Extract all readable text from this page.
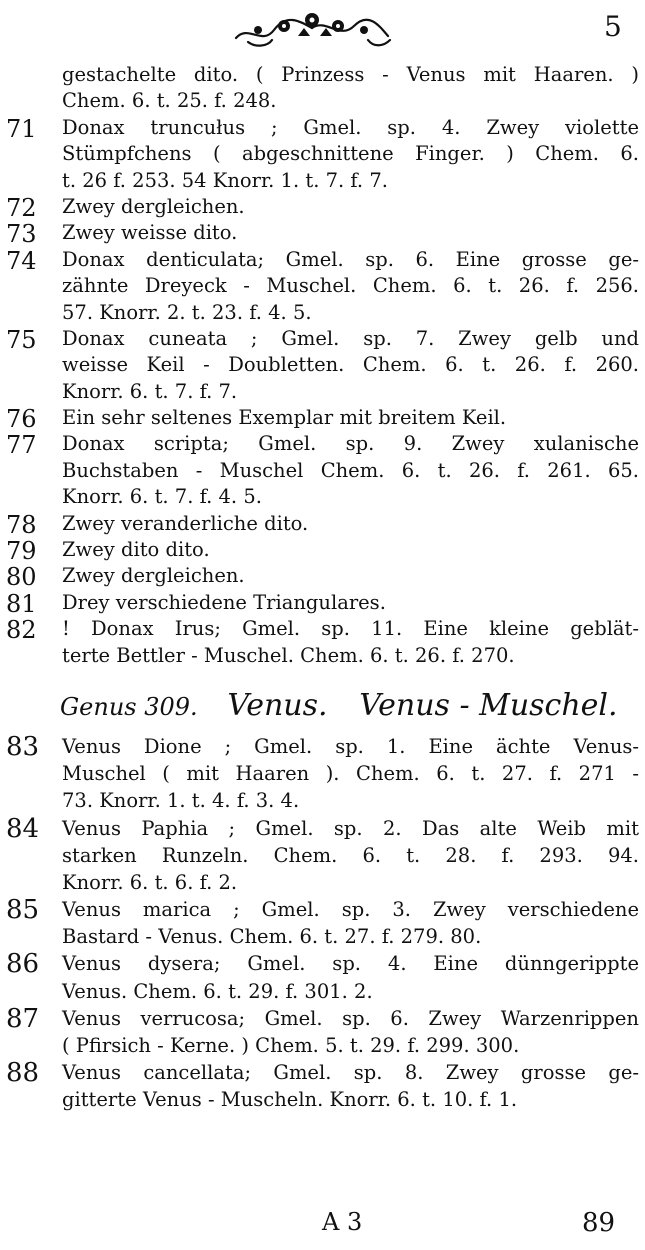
5
gestachelte dito. ( Prinzess - Venus mit Haaren. )
Chem. 6. t. 25. f. 248.
71	Donax truncułus ; Gmel. sp. 4. Zwey violette
Stümpfchens ( abgeschnittene Finger. ) Chem. 6.
t. 26 f. 253. 54 Knorr. 1. t. 7. f. 7.
72	Zwey dergleichen.
73	Zwey weisse dito.
74	Donax denticulata; Gmel. sp. 6. Eine grosse ge-
zähnte Dreyeck - Muschel. Chem. 6. t. 26. f. 256.
57. Knorr. 2. t. 23. f. 4. 5.
75	Donax cuneata ; Gmel. sp. 7. Zwey gelb und
weisse Keil - Doubletten. Chem. 6. t. 26. f. 260.
Knorr. 6. t. 7. f. 7.
76	Ein sehr seltenes Exemplar mit breitem Keil.
77	Donax scripta; Gmel. sp. 9. Zwey xulanische
Buchstaben - Muschel Chem. 6. t. 26. f. 261. 65.
Knorr. 6. t. 7. f. 4. 5.
78	Zwey veranderliche dito.
79	Zwey dito dito.
80	Zwey dergleichen.
81	Drey verschiedene Triangulares.
82	! Donax Irus; Gmel. sp. 11. Eine kleine geblät-
terte Bettler - Muschel. Chem. 6. t. 26. f. 270.
Genus 309. Venus. Venus - Muschel.
83	Venus Dione ; Gmel. sp. 1. Eine ächte Venus-
Muschel ( mit Haaren ). Chem. 6. t. 27. f. 271 -
73. Knorr. 1. t. 4. f. 3. 4.
84	Venus Paphia ; Gmel. sp. 2. Das alte Weib mit
starken Runzeln. Chem. 6. t. 28. f. 293. 94.
Knorr. 6. t. 6. f. 2.
85	Venus marica ; Gmel. sp. 3. Zwey verschiedene
Bastard - Venus. Chem. 6. t. 27. f. 279. 80.
86	Venus dysera; Gmel. sp. 4. Eine dünngerippte
Venus. Chem. 6. t. 29. f. 301. 2.
87	Venus verrucosa; Gmel. sp. 6. Zwey Warzenrippen
( Pfirsich - Kerne. ) Chem. 5. t. 29. f. 299. 300.
88	Venus cancellata; Gmel. sp. 8. Zwey grosse ge-
gitterte Venus - Muscheln. Knorr. 6. t. 10. f. 1.
A 3	89
